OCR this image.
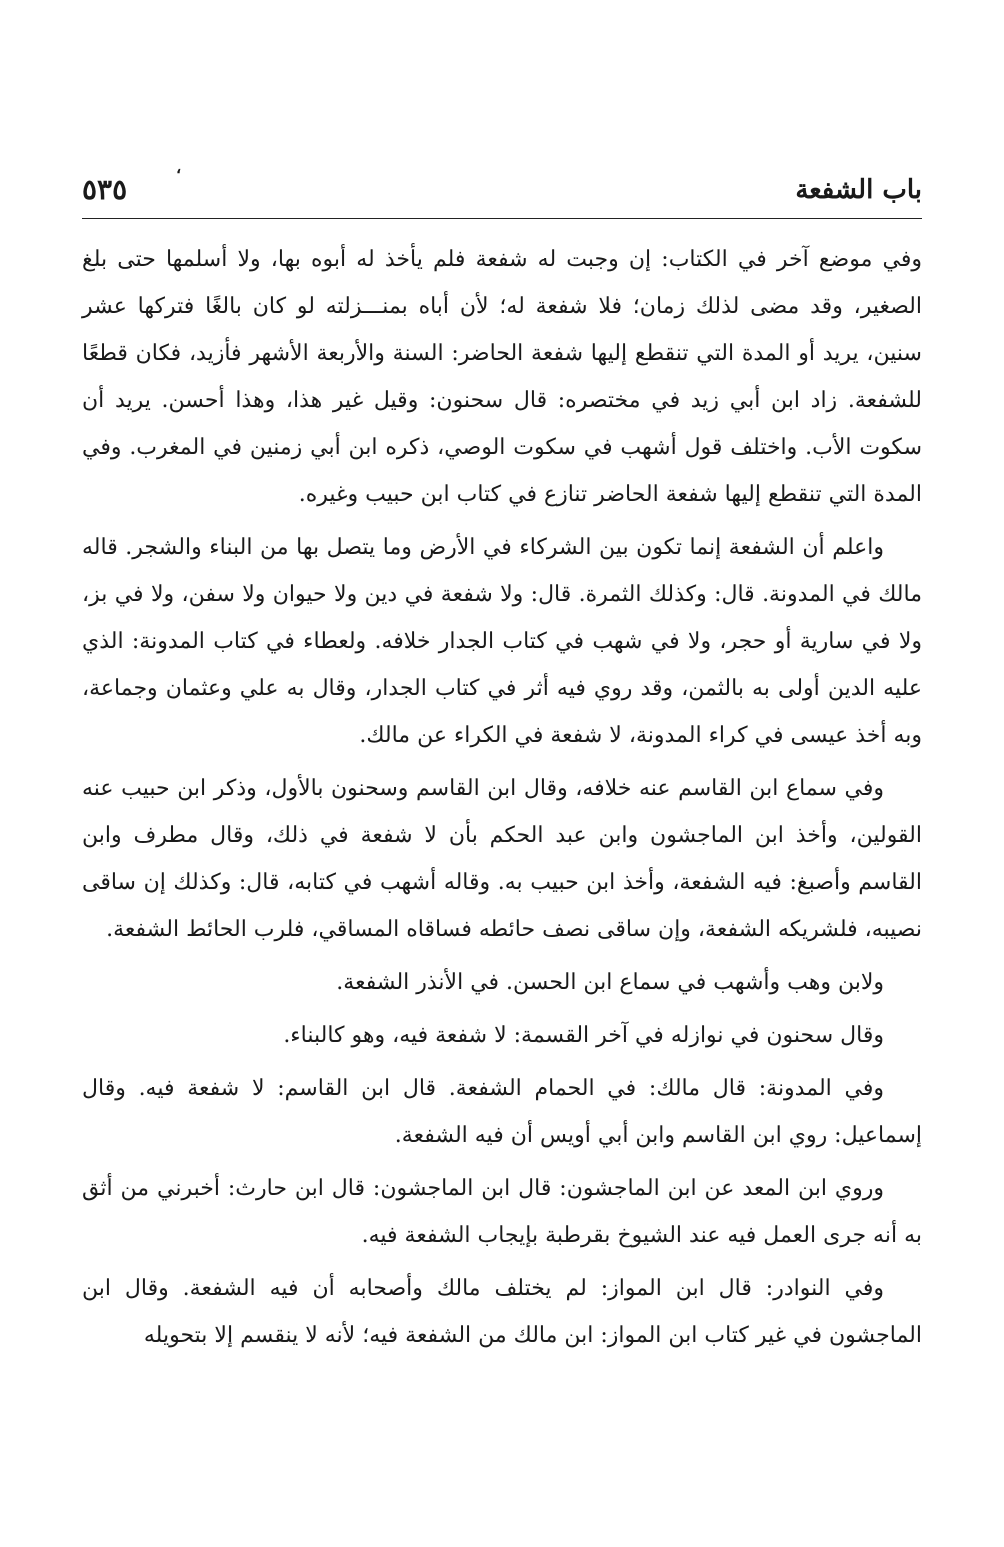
،
باب الشفعة
٥٣٥

وفي موضع آخر في الكتاب: إن وجبت له شفعة فلم يأخذ له أبوه بها، ولا أسلمها حتى بلغ الصغير، وقد مضى لذلك زمان؛ فلا شفعة له؛ لأن أباه بمنـــزلته لو كان بالغًا فتركها عشر سنين، يريد أو المدة التي تنقطع إليها شفعة الحاضر: السنة والأربعة الأشهر فأزيد، فكان قطعًا للشفعة. زاد ابن أبي زيد في مختصره: قال سحنون: وقيل غير هذا، وهذا أحسن. يريد أن سكوت الأب. واختلف قول أشهب في سكوت الوصي، ذكره ابن أبي زمنين في المغرب. وفي المدة التي تنقطع إليها شفعة الحاضر تنازع في كتاب ابن حبيب وغيره.

واعلم أن الشفعة إنما تكون بين الشركاء في الأرض وما يتصل بها من البناء والشجر. قاله مالك في المدونة. قال: وكذلك الثمرة. قال: ولا شفعة في دين ولا حيوان ولا سفن، ولا في بز، ولا في سارية أو حجر، ولا في شهب في كتاب الجدار خلافه. ولعطاء في كتاب المدونة: الذي عليه الدين أولى به بالثمن، وقد روي فيه أثر في كتاب الجدار، وقال به علي وعثمان وجماعة، وبه أخذ عيسى في كراء المدونة، لا شفعة في الكراء عن مالك.

وفي سماع ابن القاسم عنه خلافه، وقال ابن القاسم وسحنون بالأول، وذكر ابن حبيب عنه القولين، وأخذ ابن الماجشون وابن عبد الحكم بأن لا شفعة في ذلك، وقال مطرف وابن القاسم وأصبغ: فيه الشفعة، وأخذ ابن حبيب به. وقاله أشهب في كتابه، قال: وكذلك إن ساقى نصيبه، فلشريكه الشفعة، وإن ساقى نصف حائطه فساقاه المساقي، فلرب الحائط الشفعة.

ولابن وهب وأشهب في سماع ابن الحسن. في الأنذر الشفعة.

وقال سحنون في نوازله في آخر القسمة: لا شفعة فيه، وهو كالبناء.

وفي المدونة: قال مالك: في الحمام الشفعة. قال ابن القاسم: لا شفعة فيه. وقال إسماعيل: روي ابن القاسم وابن أبي أويس أن فيه الشفعة.

وروي ابن المعد عن ابن الماجشون: قال ابن الماجشون: قال ابن حارث: أخبرني من أثق به أنه جرى العمل فيه عند الشيوخ بقرطبة بإيجاب الشفعة فيه.

وفي النوادر: قال ابن المواز: لم يختلف مالك وأصحابه أن فيه الشفعة. وقال ابن الماجشون في غير كتاب ابن المواز: ابن مالك من الشفعة فيه؛ لأنه لا ينقسم إلا بتحويله
